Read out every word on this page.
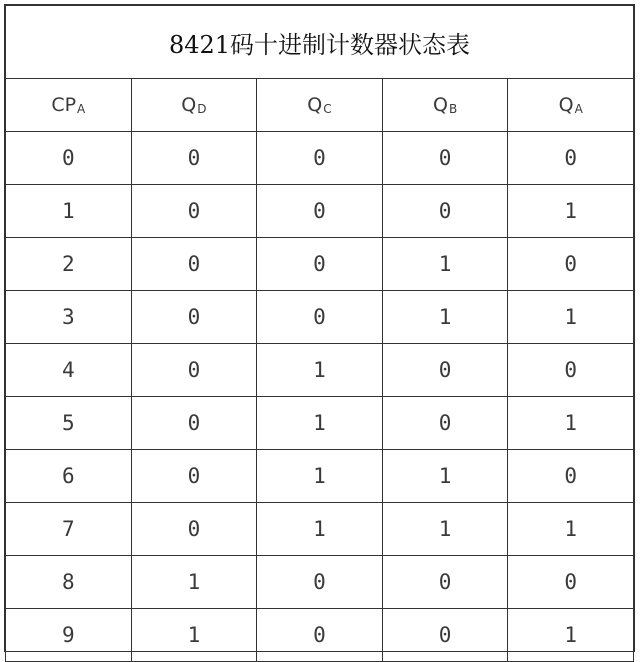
8421码十进制计数器状态表				
CPA	QD	QC	QB	QA
0	0	0	0	0
1	0	0	0	1
2	0	0	1	0
3	0	0	1	1
4	0	1	0	0
5	0	1	0	1
6	0	1	1	0
7	0	1	1	1
8	1	0	0	0
9	1	0	0	1
